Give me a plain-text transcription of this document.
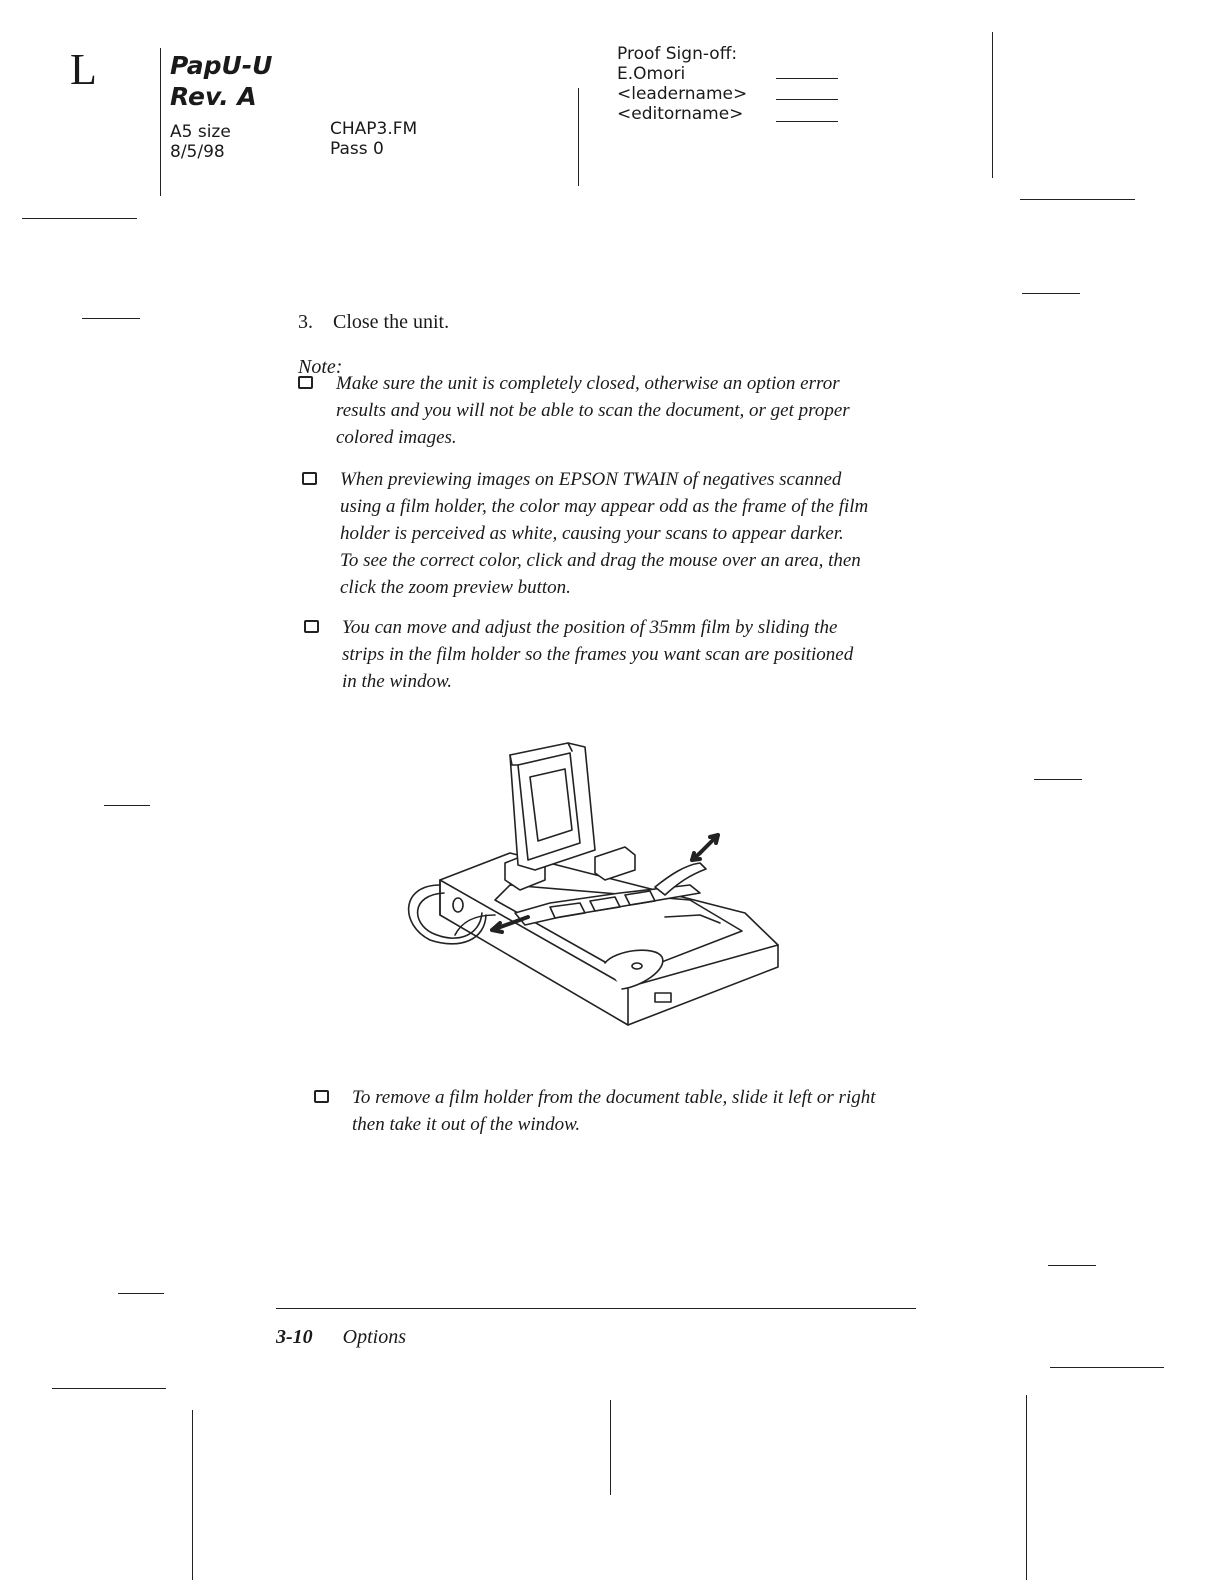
L	PapU-U
Rev. A
A5 size
8/5/98
CHAP3.FM
Pass 0
Proof Sign-off:
E.Omori
<leadername>
<editorname>
3. Close the unit.
Note:
Make sure the unit is completely closed, otherwise an option error
results and you will not be able to scan the document, or get proper
colored images.
When previewing images on EPSON TWAIN of negatives scanned
using a film holder, the color may appear odd as the frame of the film
holder is perceived as white, causing your scans to appear darker.
To see the correct color, click and drag the mouse over an area, then
click the zoom preview button.
You can move and adjust the position of 35mm film by sliding the
strips in the film holder so the frames you want scan are positioned
in the window.
To remove a film holder from the document table, slide it left or right
then take it out of the window.
3-10 Options
